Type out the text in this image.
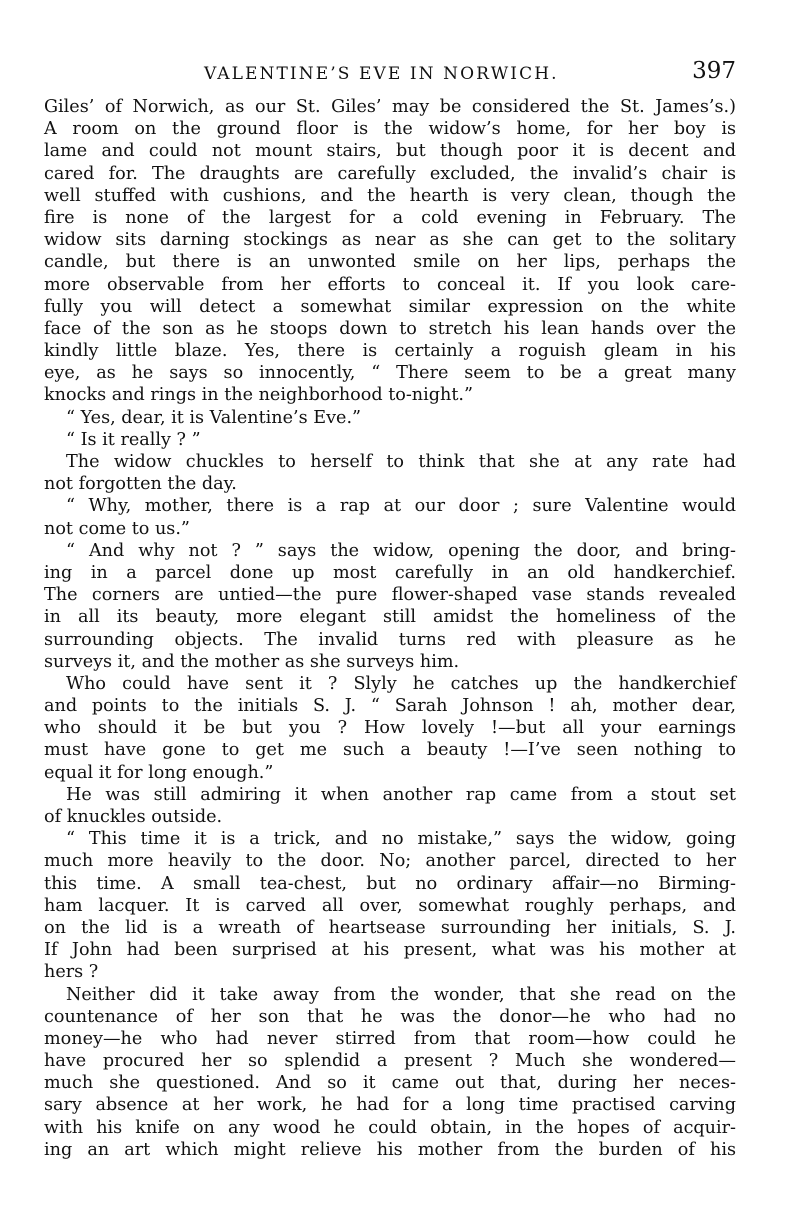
VALENTINE’S EVE IN NORWICH.	397
Giles’ of Norwich, as our St. Giles’ may be considered the St. James’s.)
A room on the ground floor is the widow’s home, for her boy is
lame and could not mount stairs, but though poor it is decent and
cared for. The draughts are carefully excluded, the invalid’s chair is
well stuffed with cushions, and the hearth is very clean, though the
fire is none of the largest for a cold evening in February. The
widow sits darning stockings as near as she can get to the solitary
candle, but there is an unwonted smile on her lips, perhaps the
more observable from her efforts to conceal it. If you look care-
fully you will detect a somewhat similar expression on the white
face of the son as he stoops down to stretch his lean hands over the
kindly little blaze. Yes, there is certainly a roguish gleam in his
eye, as he says so innocently, “ There seem to be a great many
knocks and rings in the neighborhood to-night.”
“ Yes, dear, it is Valentine’s Eve.”
“ Is it really ? ”
The widow chuckles to herself to think that she at any rate had
not forgotten the day.
“ Why, mother, there is a rap at our door ; sure Valentine would
not come to us.”
“ And why not ? ” says the widow, opening the door, and bring-
ing in a parcel done up most carefully in an old handkerchief.
The corners are untied—the pure flower-shaped vase stands revealed
in all its beauty, more elegant still amidst the homeliness of the
surrounding objects. The invalid turns red with pleasure as he
surveys it, and the mother as she surveys him.
Who could have sent it ? Slyly he catches up the handkerchief
and points to the initials S. J. “ Sarah Johnson ! ah, mother dear,
who should it be but you ? How lovely !—but all your earnings
must have gone to get me such a beauty !—I’ve seen nothing to
equal it for long enough.”
He was still admiring it when another rap came from a stout set
of knuckles outside.
“ This time it is a trick, and no mistake,” says the widow, going
much more heavily to the door. No; another parcel, directed to her
this time. A small tea-chest, but no ordinary affair—no Birming-
ham lacquer. It is carved all over, somewhat roughly perhaps, and
on the lid is a wreath of heartsease surrounding her initials, S. J.
If John had been surprised at his present, what was his mother at
hers ?
Neither did it take away from the wonder, that she read on the
countenance of her son that he was the donor—he who had no
money—he who had never stirred from that room—how could he
have procured her so splendid a present ? Much she wondered—
much she questioned. And so it came out that, during her neces-
sary absence at her work, he had for a long time practised carving
with his knife on any wood he could obtain, in the hopes of acquir-
ing an art which might relieve his mother from the burden of his
